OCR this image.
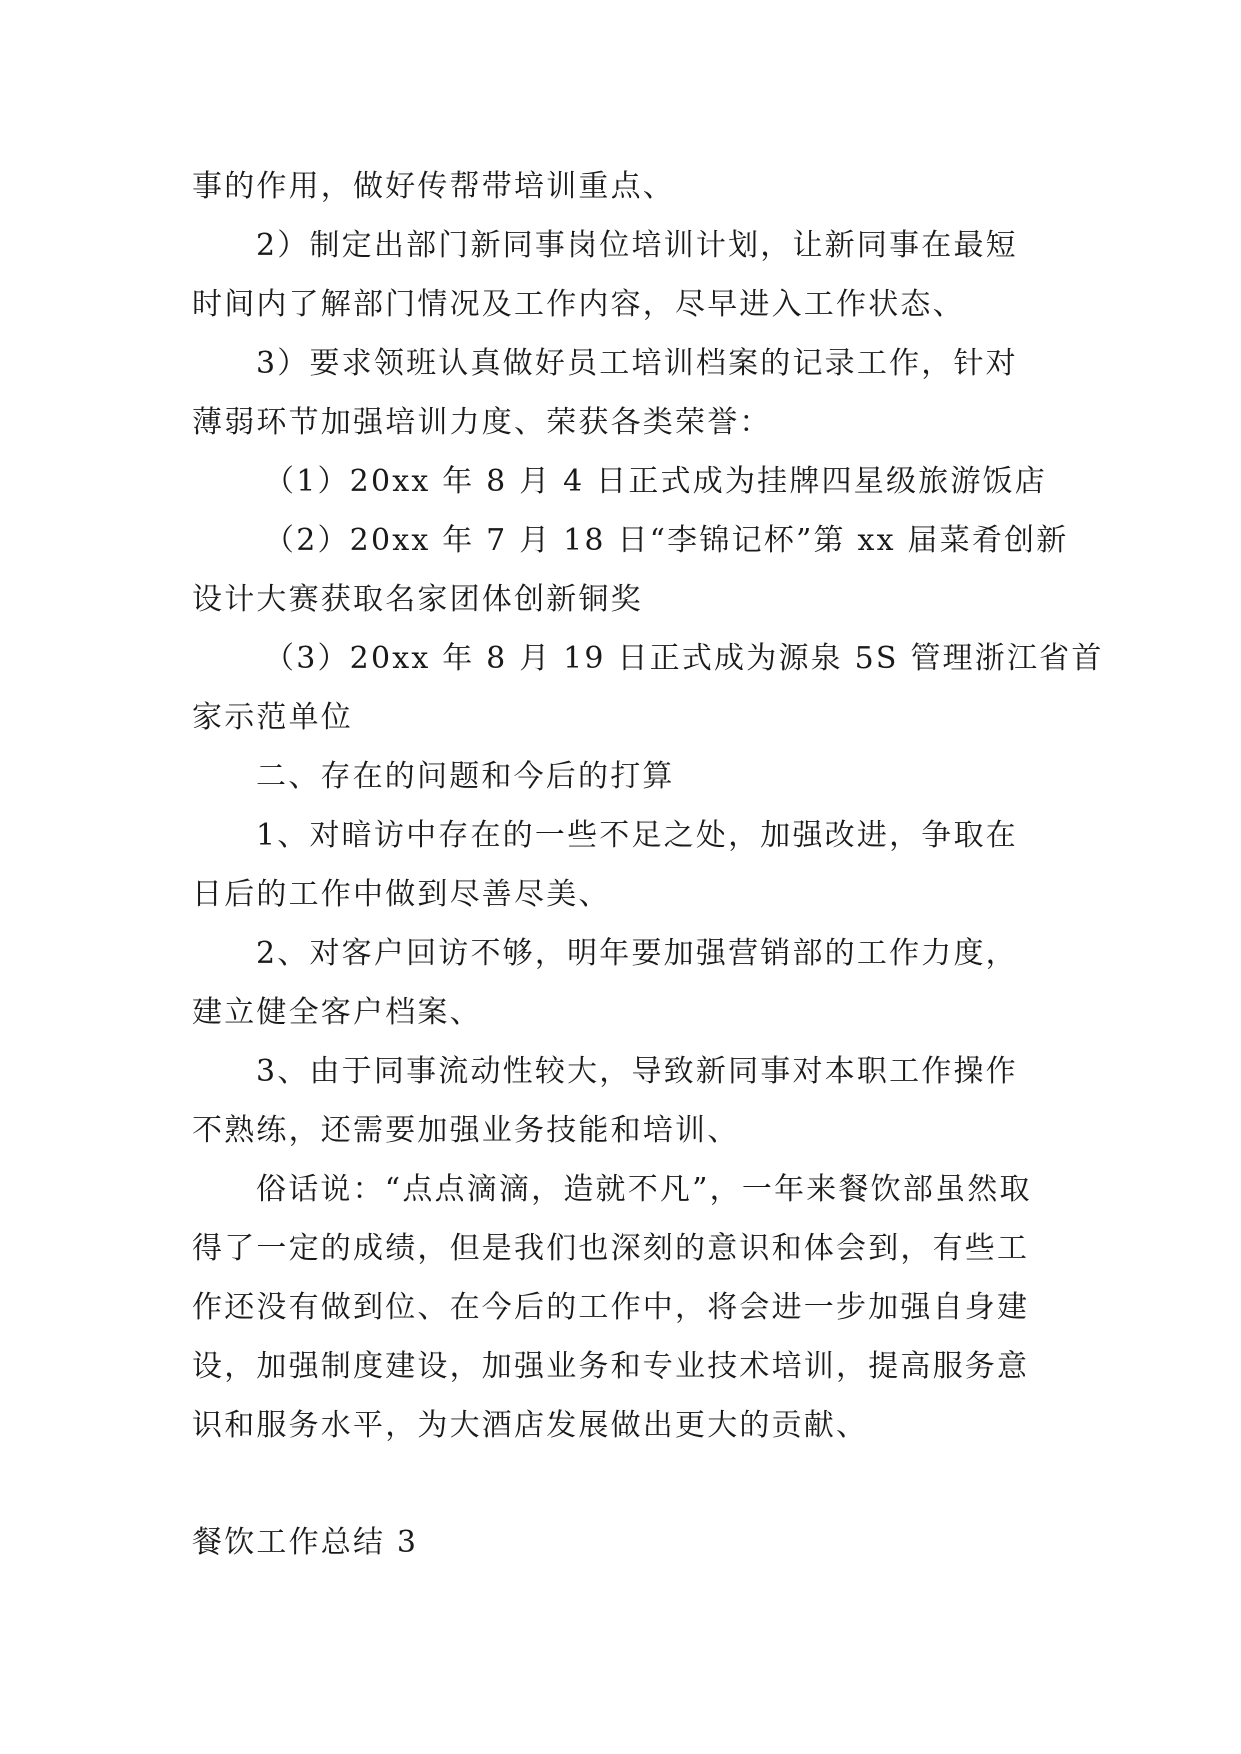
事的作用，做好传帮带培训重点、
2）制定出部门新同事岗位培训计划，让新同事在最短
时间内了解部门情况及工作内容，尽早进入工作状态、
3）要求领班认真做好员工培训档案的记录工作，针对
薄弱环节加强培训力度、荣获各类荣誉：
（1）20xx 年 8 月 4 日正式成为挂牌四星级旅游饭店
（2）20xx 年 7 月 18 日“李锦记杯”第 xx 届菜肴创新
设计大赛获取名家团体创新铜奖
（3）20xx 年 8 月 19 日正式成为源泉 5S 管理浙江省首
家示范单位
二、存在的问题和今后的打算
1、对暗访中存在的一些不足之处，加强改进，争取在
日后的工作中做到尽善尽美、
2、对客户回访不够，明年要加强营销部的工作力度，
建立健全客户档案、
3、由于同事流动性较大，导致新同事对本职工作操作
不熟练，还需要加强业务技能和培训、
俗话说：“点点滴滴，造就不凡”，一年来餐饮部虽然取
得了一定的成绩，但是我们也深刻的意识和体会到，有些工
作还没有做到位、在今后的工作中，将会进一步加强自身建
设，加强制度建设，加强业务和专业技术培训，提高服务意
识和服务水平，为大酒店发展做出更大的贡献、
餐饮工作总结 3
